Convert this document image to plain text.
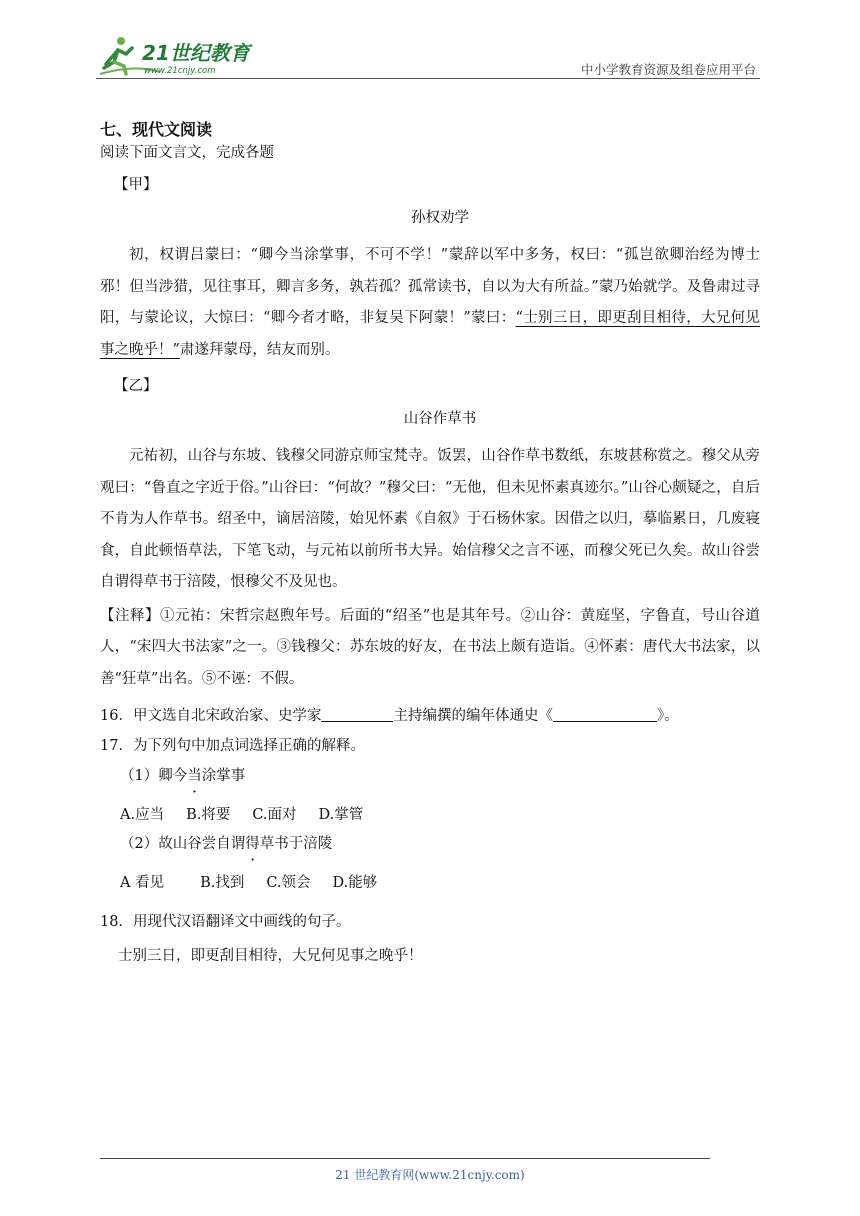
21世纪教育
www.21cnjy.com	中小学教育资源及组卷应用平台

七、现代文阅读

阅读下面文言文，完成各题

【甲】
孙权劝学

初，权谓吕蒙曰：“卿今当涂掌事，不可不学！”蒙辞以军中多务，权曰：“孤岂欲卿治经为博士邪！但当涉猎，见往事耳，卿言多务，孰若孤？孤常读书，自以为大有所益。”蒙乃始就学。及鲁肃过寻阳，与蒙论议，大惊曰：“卿今者才略，非复吴下阿蒙！”蒙曰：“士别三日，即更刮目相待，大兄何见事之晚乎！”肃遂拜蒙母，结友而别。

【乙】
山谷作草书

元祐初，山谷与东坡、钱穆父同游京师宝梵寺。饭罢，山谷作草书数纸，东坡甚称赏之。穆父从旁观曰：“鲁直之字近于俗。”山谷曰：“何故？”穆父曰：“无他，但未见怀素真迹尔。”山谷心颇疑之，自后不肯为人作草书。绍圣中，谪居涪陵，始见怀素《自叙》于石杨休家。因借之以归，摹临累日，几废寝食，自此顿悟草法，下笔飞动，与元祐以前所书大异。始信穆父之言不诬，而穆父死已久矣。故山谷尝自谓得草书于涪陵，恨穆父不及见也。

【注释】①元祐：宋哲宗赵煦年号。后面的“绍圣”也是其年号。②山谷：黄庭坚，字鲁直，号山谷道人，“宋四大书法家”之一。③钱穆父：苏东坡的好友，在书法上颇有造诣。④怀素：唐代大书法家，以善“狂草”出名。⑤不诬：不假。

16．甲文选自北宋政治家、史学家	主持编撰的编年体通史《	》。
17．为下列句中加点词选择正确的解释。
（1）卿今当涂掌事
A.应当 B.将要 C.面对 D.掌管
（2）故山谷尝自谓得草书于涪陵
A 看见 B.找到 C.领会 D.能够
18．用现代汉语翻译文中画线的句子。
士别三日，即更刮目相待，大兄何见事之晚乎！
21 世纪教育网(www.21cnjy.com)
